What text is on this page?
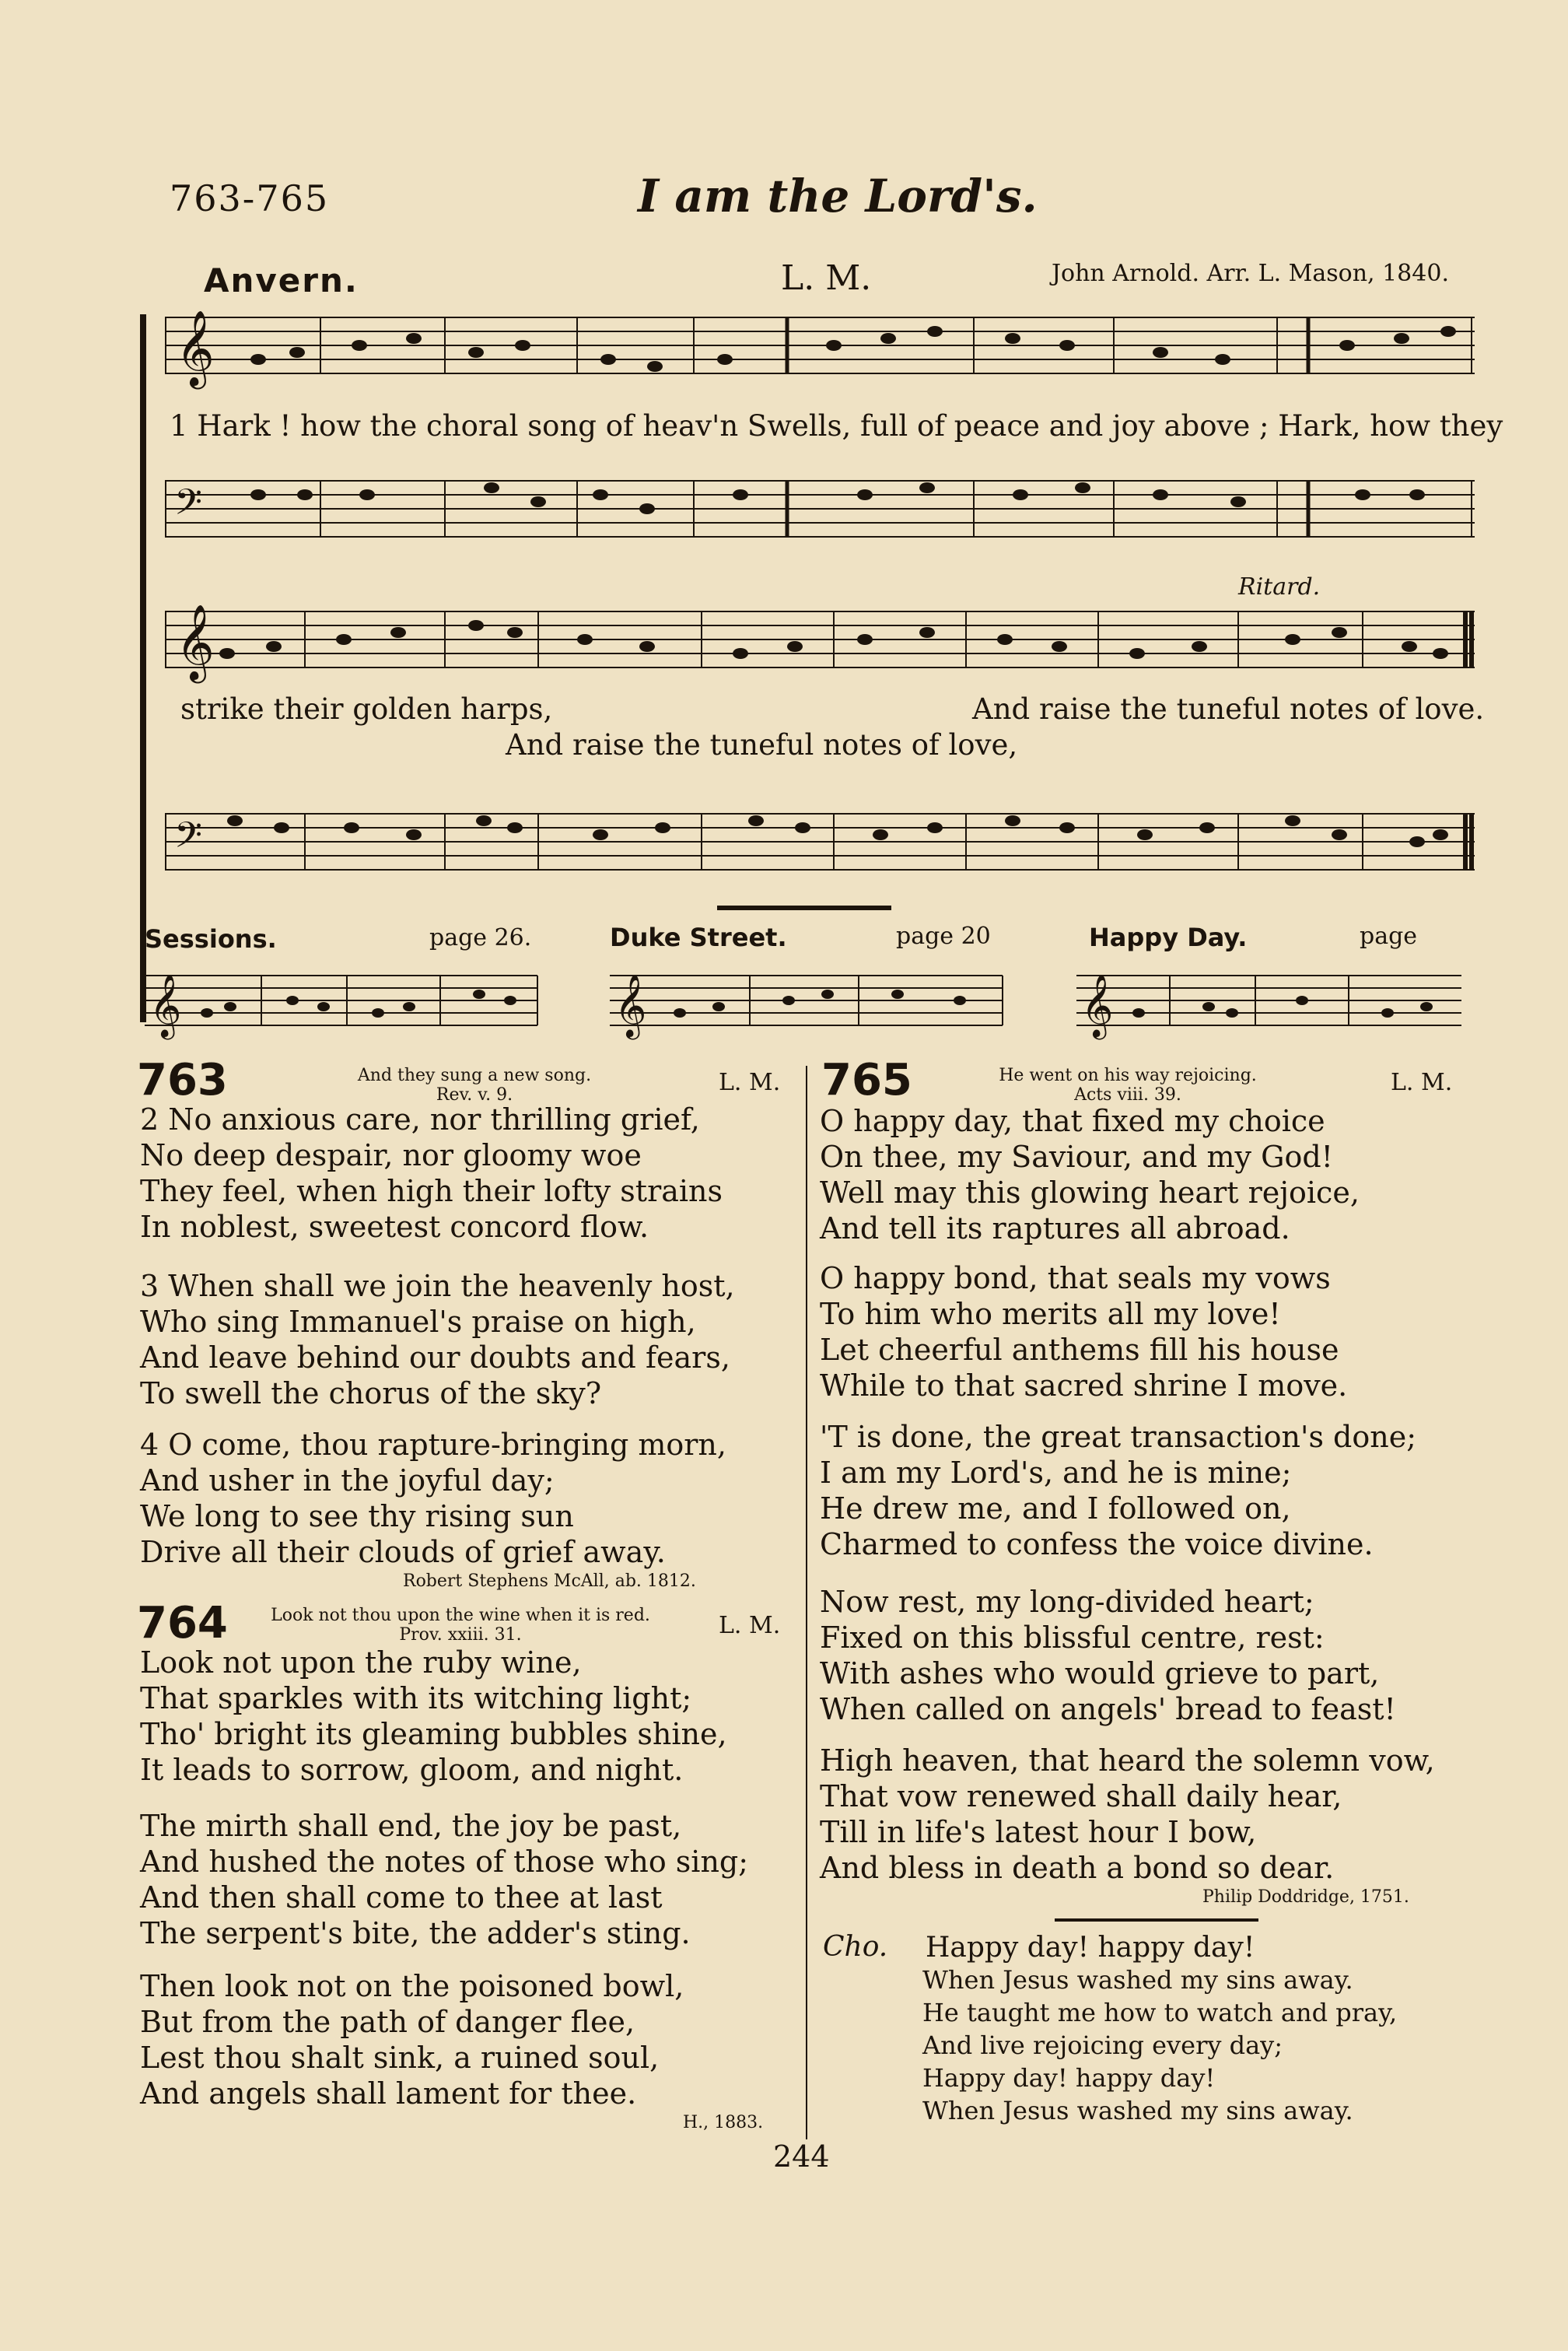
763-765	I am the Lord's.
Anvern.	L. M.	John Arnold. Arr. L. Mason, 1840.
𝄞
1 Hark ! how the choral song of heav'n Swells, full of peace and joy above ; Hark, how they
𝄢
𝄞
Ritard.
strike their golden harps,	And raise the tuneful notes of love.
And raise the tuneful notes of love,
𝄢
Sessions.	page 26.	Duke Street.	page 20	Happy Day.	page
𝄞	𝄞	𝄞
763	And they sung a new song.
Rev. v. 9.	L. M.
2 No anxious care, nor thrilling grief,
No deep despair, nor gloomy woe
They feel, when high their lofty strains
In noblest, sweetest concord flow.
3 When shall we join the heavenly host,
Who sing Immanuel's praise on high,
And leave behind our doubts and fears,
To swell the chorus of the sky?
4 O come, thou rapture-bringing morn,
And usher in the joyful day;
We long to see thy rising sun
Drive all their clouds of grief away.
Robert Stephens McAll, ab. 1812.
764	Look not thou upon the wine when it is red.
Prov. xxiii. 31.	L. M.
Look not upon the ruby wine,
That sparkles with its witching light;
Tho' bright its gleaming bubbles shine,
It leads to sorrow, gloom, and night.
The mirth shall end, the joy be past,
And hushed the notes of those who sing;
And then shall come to thee at last
The serpent's bite, the adder's sting.
Then look not on the poisoned bowl,
But from the path of danger flee,
Lest thou shalt sink, a ruined soul,
And angels shall lament for thee.
H., 1883.
765	He went on his way rejoicing.
Acts viii. 39.	L. M.
O happy day, that fixed my choice
On thee, my Saviour, and my God!
Well may this glowing heart rejoice,
And tell its raptures all abroad.
O happy bond, that seals my vows
To him who merits all my love!
Let cheerful anthems fill his house
While to that sacred shrine I move.
'T is done, the great transaction's done;
I am my Lord's, and he is mine;
He drew me, and I followed on,
Charmed to confess the voice divine.
Now rest, my long-divided heart;
Fixed on this blissful centre, rest:
With ashes who would grieve to part,
When called on angels' bread to feast!
High heaven, that heard the solemn vow,
That vow renewed shall daily hear,
Till in life's latest hour I bow,
And bless in death a bond so dear.
Philip Doddridge, 1751.
Cho. Happy day! happy day!
When Jesus washed my sins away.
He taught me how to watch and pray,
And live rejoicing every day;
Happy day! happy day!
When Jesus washed my sins away.
244
